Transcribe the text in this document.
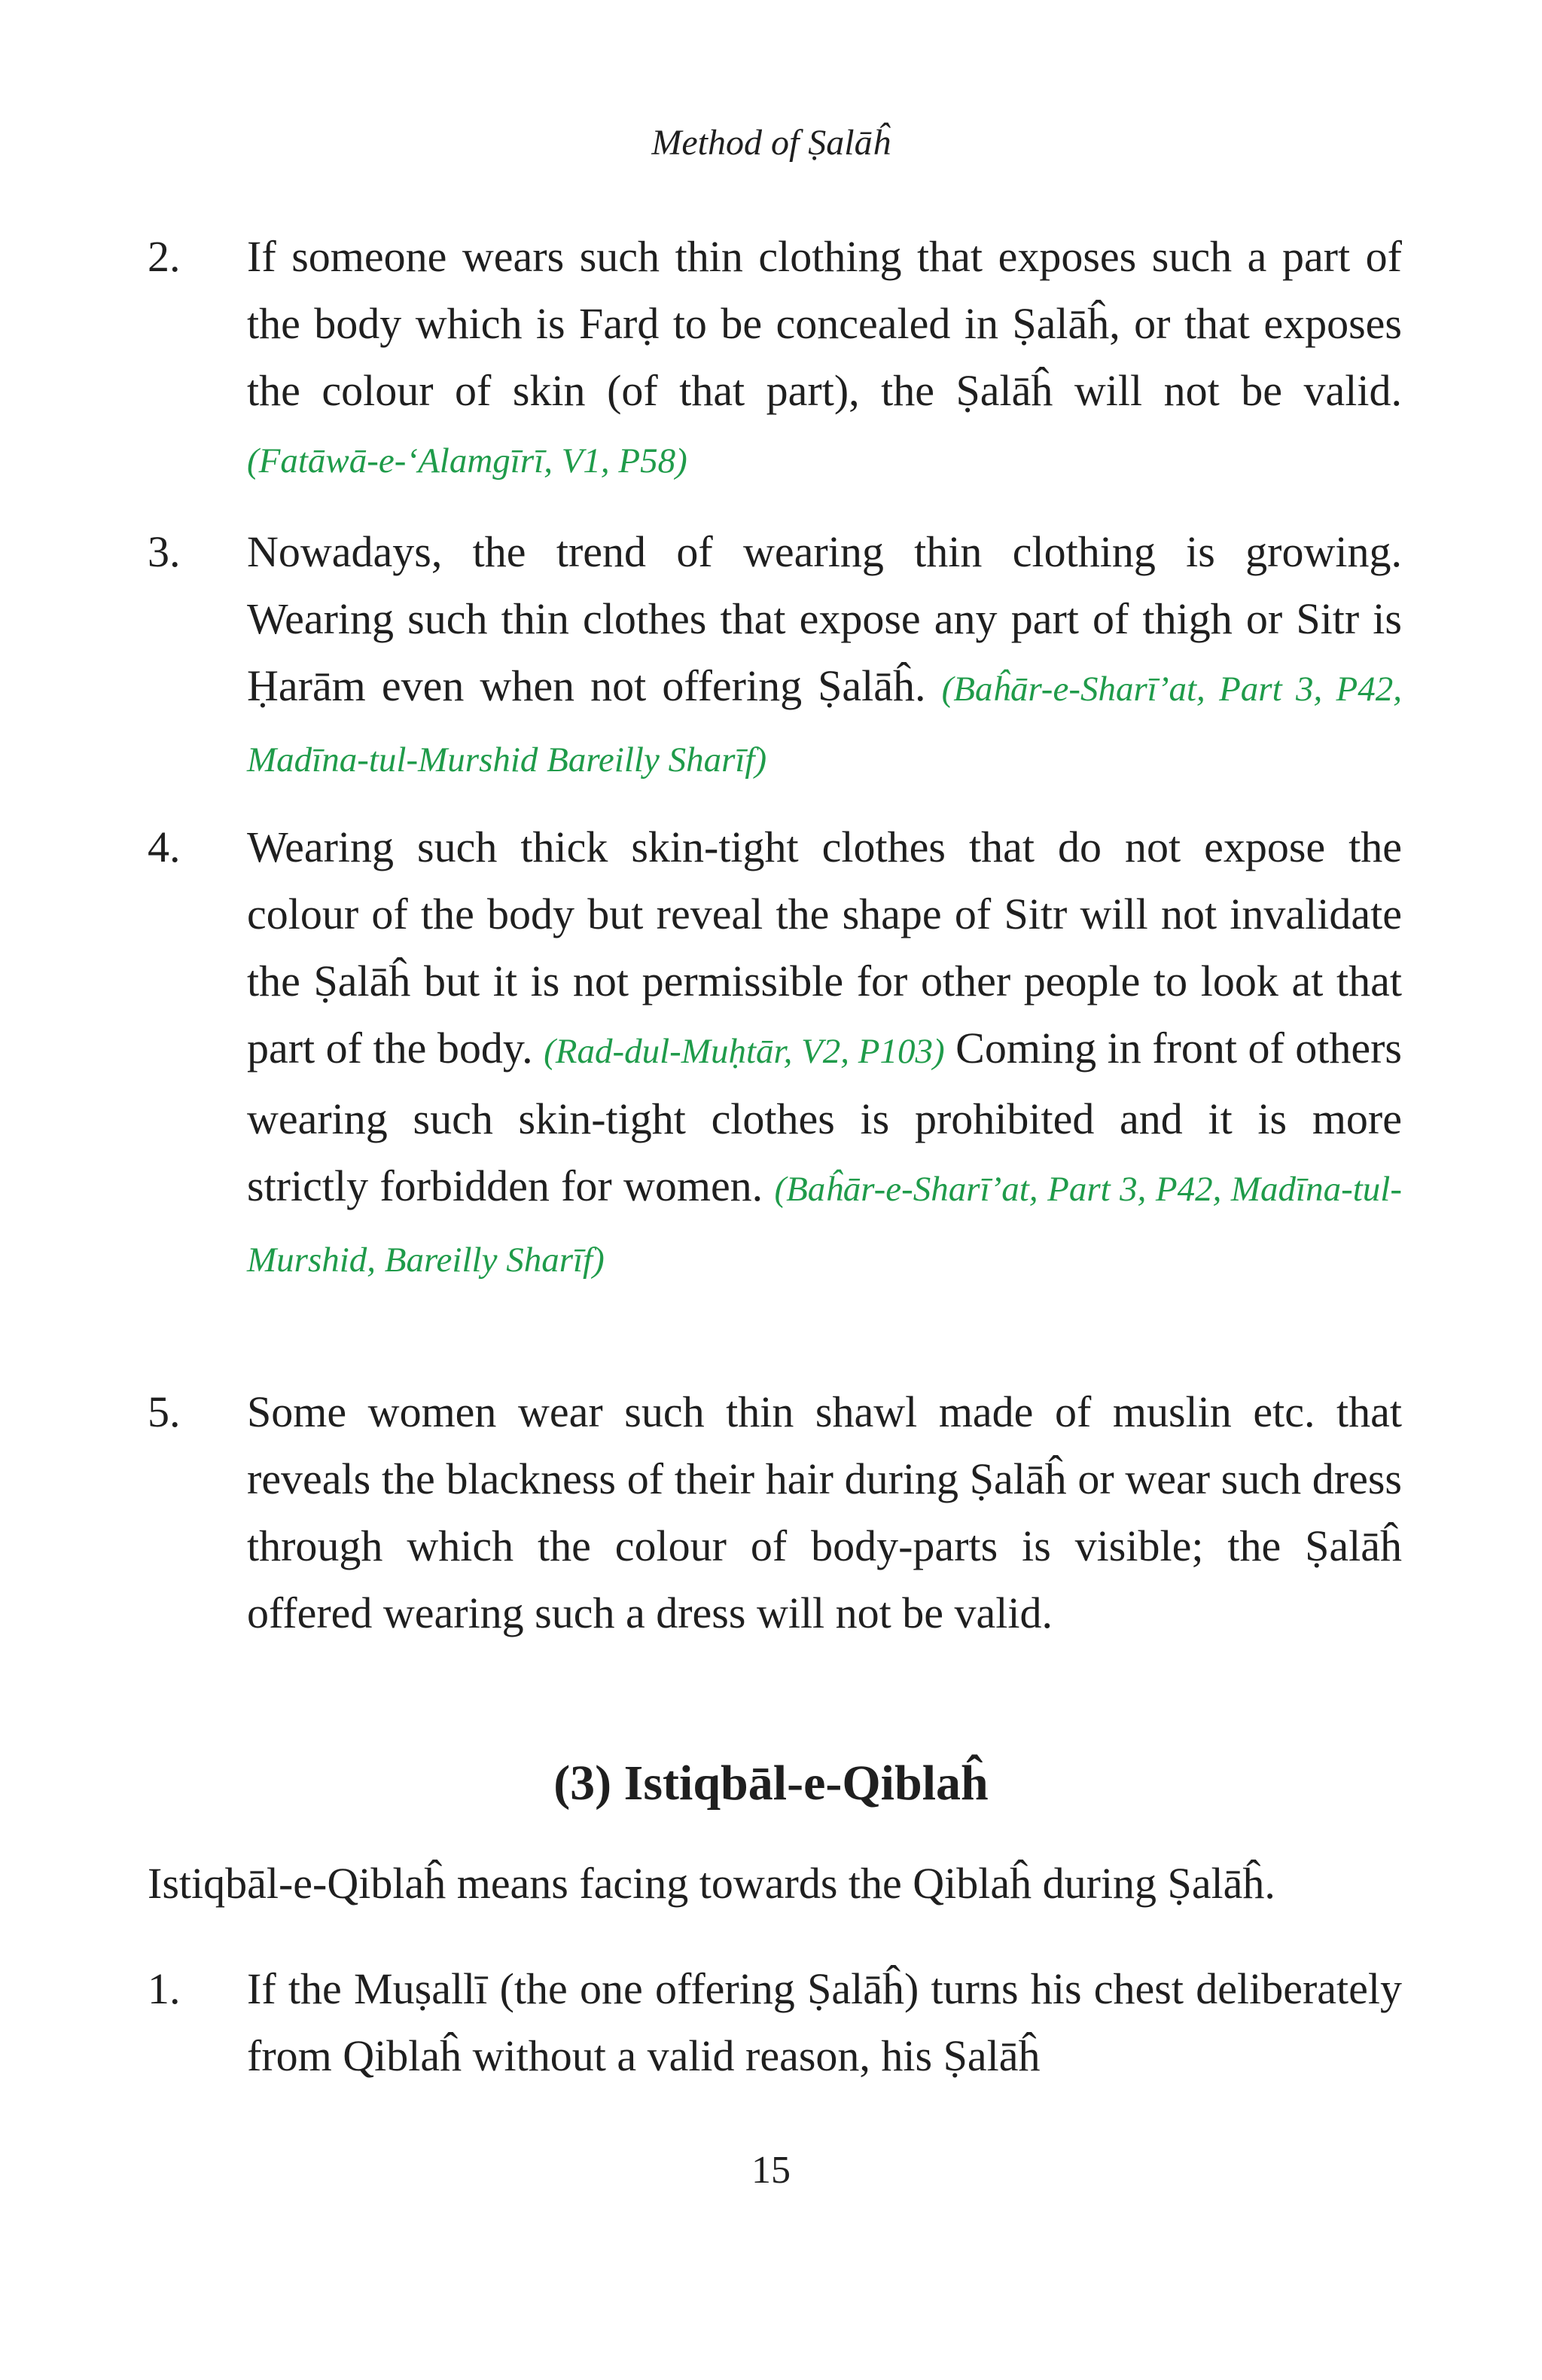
Method of Ṣalāĥ
2. If someone wears such thin clothing that exposes such a part of the body which is Farḍ to be concealed in Ṣalāĥ, or that exposes the colour of skin (of that part), the Ṣalāĥ will not be valid. (Fatāwā-e-‘Alamgīrī, V1, P58)
3. Nowadays, the trend of wearing thin clothing is growing. Wearing such thin clothes that expose any part of thigh or Sitr is Ḥarām even when not offering Ṣalāĥ. (Baĥār-e-Sharī’at, Part 3, P42, Madīna-tul-Murshid Bareilly Sharīf)
4. Wearing such thick skin-tight clothes that do not expose the colour of the body but reveal the shape of Sitr will not invalidate the Ṣalāĥ but it is not permissible for other people to look at that part of the body. (Rad-dul-Muḥtār, V2, P103) Coming in front of others wearing such skin-tight clothes is prohibited and it is more strictly forbidden for women. (Baĥār-e-Sharī’at, Part 3, P42, Madīna-tul-Murshid, Bareilly Sharīf)
5. Some women wear such thin shawl made of muslin etc. that reveals the blackness of their hair during Ṣalāĥ or wear such dress through which the colour of body-parts is visible; the Ṣalāĥ offered wearing such a dress will not be valid.
(3) Istiqbāl-e-Qiblaĥ
Istiqbāl-e-Qiblaĥ means facing towards the Qiblaĥ during Ṣalāĥ.
1. If the Muṣallī (the one offering Ṣalāĥ) turns his chest deliberately from Qiblaĥ without a valid reason, his Ṣalāĥ
15
